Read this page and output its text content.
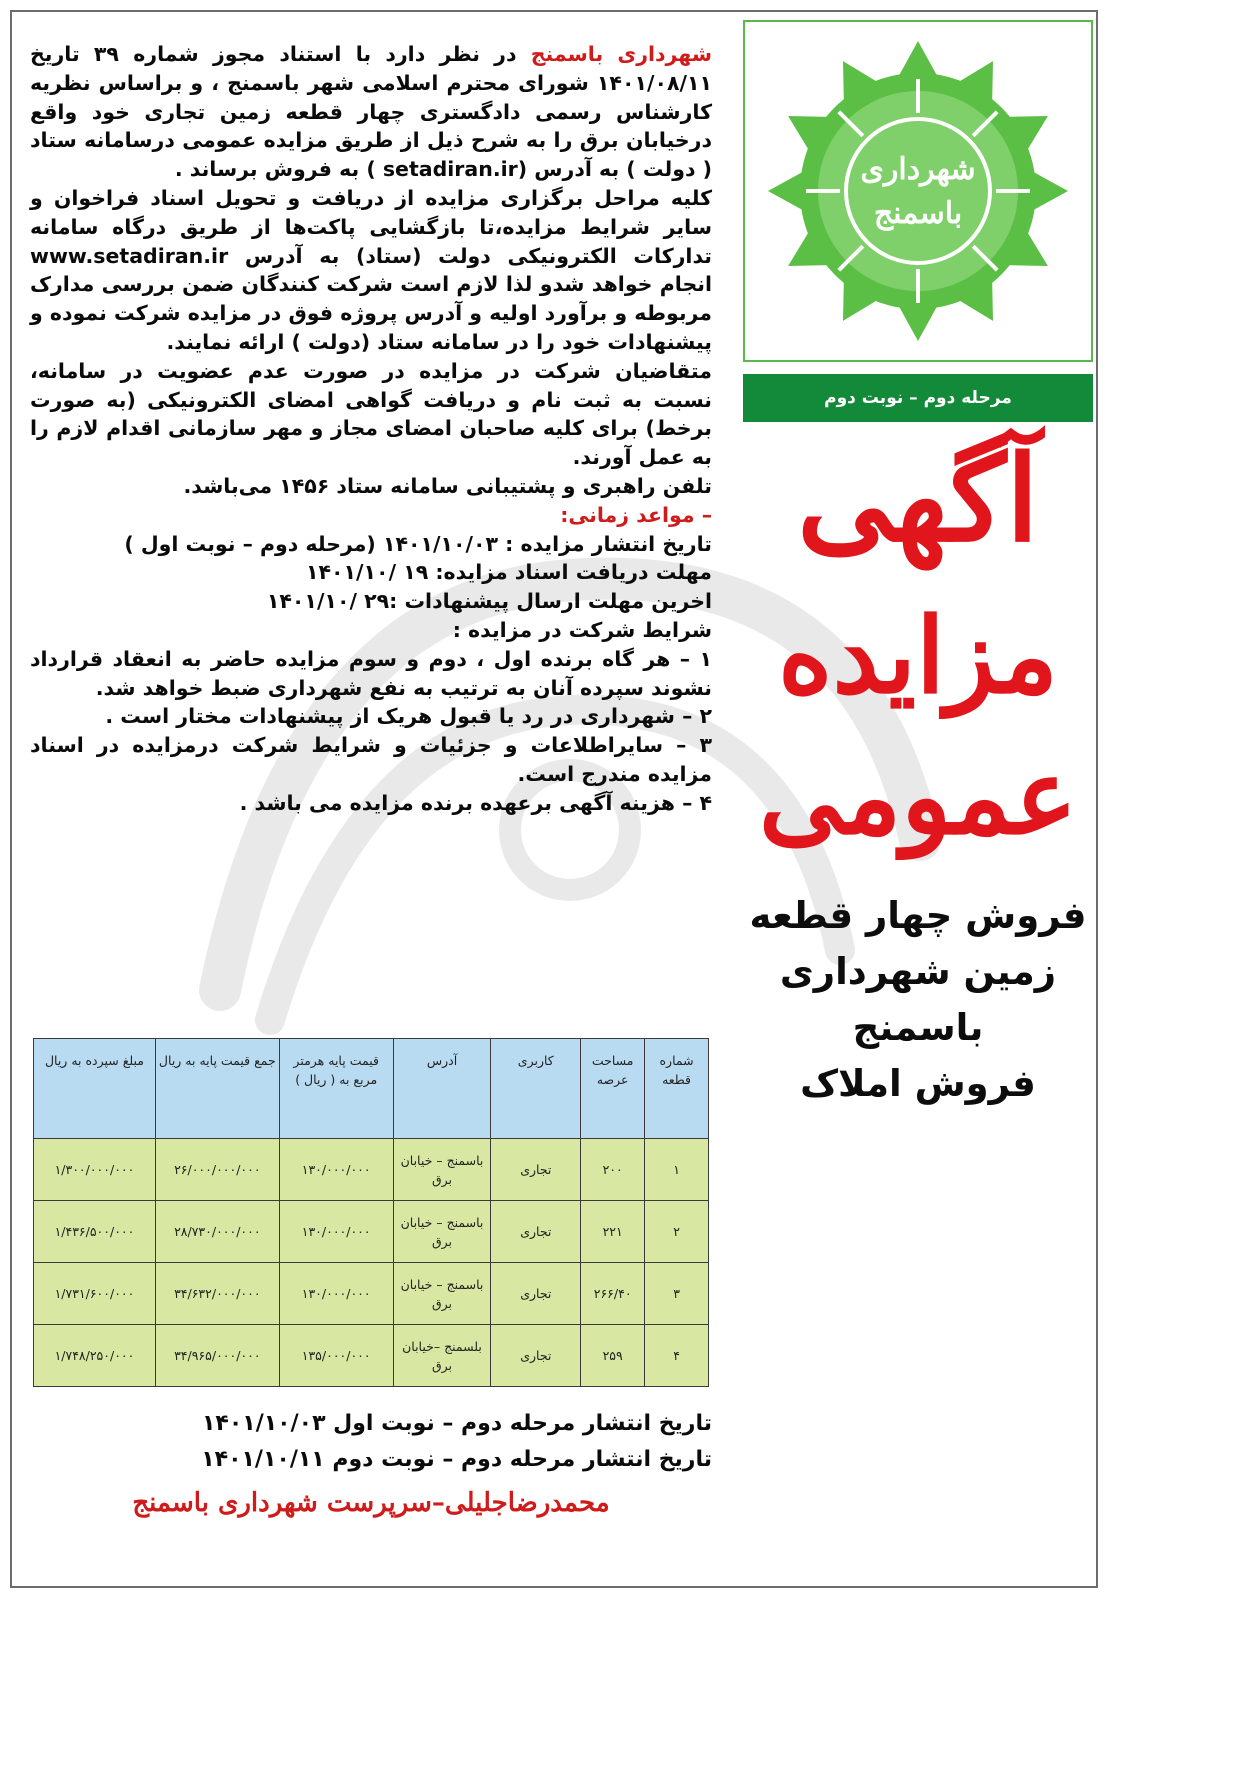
شهرداری باسمنج در نظر دارد با استناد مجوز شماره ۳۹ تاریخ ۱۴۰۱/۰۸/۱۱ شورای محترم اسلامی شهر باسمنج ، و براساس نظریه کارشناس رسمی دادگستری چهار قطعه زمین تجاری خود واقع درخیابان برق را به شرح ذیل از طریق مزایده عمومی درسامانه ستاد ( دولت ) به آدرس (setadiran.ir ) به فروش برساند .

کلیه مراحل برگزاری مزایده از دریافت و تحویل اسناد فراخوان و سایر شرایط مزایده،تا بازگشایی پاکت‌ها از طریق درگاه سامانه تدارکات الکترونیکی دولت (ستاد) به آدرس www.setadiran.ir انجام خواهد شدو لذا لازم است شرکت کنندگان ضمن بررسی مدارک مربوطه و برآورد اولیه و آدرس پروژه فوق در مزایده شرکت نموده و پیشنهادات خود را در سامانه ستاد (دولت ) ارائه نمایند.

متقاضیان شرکت در مزایده در صورت عدم عضویت در سامانه، نسبت به ثبت نام و دریافت گواهی امضای الکترونیکی (به صورت برخط) برای کلیه صاحبان امضای مجاز و مهر سازمانی اقدام لازم را به عمل آورند.

تلفن راهبری و پشتیبانی سامانه ستاد ۱۴۵۶ می‌باشد.

– مواعد زمانی:

تاریخ انتشار مزایده : ۱۴۰۱/۱۰/۰۳ (مرحله دوم – نوبت اول )

مهلت دریافت اسناد مزایده: ۱۹ /۱۴۰۱/۱۰

اخرین مهلت ارسال پیشنهادات :۲۹ /۱۴۰۱/۱۰

شرایط شرکت در مزایده :

۱ – هر گاه برنده اول ، دوم و سوم مزایده حاضر به انعقاد قرارداد نشوند سپرده آنان به ترتیب به نفع شهرداری ضبط خواهد شد.

۲ – شهرداری در رد یا قبول هریک از پیشنهادات مختار است .

۳ – سایراطلاعات و جزئیات و شرایط شرکت درمزایده در اسناد مزایده مندرج است.

۴ – هزینه آگهی برعهده برنده مزایده می باشد .

شهرداری
باسمنج
مرحله دوم – نوبت دوم
آگهی
مزایده
عمومی
فروش چهار قطعه
زمین شهرداری
باسمنج
فروش املاک
شماره قطعه	مساحت عرصه	کاربری	آدرس	قیمت پایه هرمتر مربع به ( ریال )	جمع قیمت پایه به ریال	مبلغ سپرده به ریال
۱	۲۰۰	تجاری	باسمنج – خیابان برق	۱۳۰/۰۰۰/۰۰۰	۲۶/۰۰۰/۰۰۰/۰۰۰	۱/۳۰۰/۰۰۰/۰۰۰
۲	۲۲۱	تجاری	باسمنج – خیابان برق	۱۳۰/۰۰۰/۰۰۰	۲۸/۷۳۰/۰۰۰/۰۰۰	۱/۴۳۶/۵۰۰/۰۰۰
۳	۲۶۶/۴۰	تجاری	باسمنج – خیابان برق	۱۳۰/۰۰۰/۰۰۰	۳۴/۶۳۲/۰۰۰/۰۰۰	۱/۷۳۱/۶۰۰/۰۰۰
۴	۲۵۹	تجاری	بلسمنج –خیابان برق	۱۳۵/۰۰۰/۰۰۰	۳۴/۹۶۵/۰۰۰/۰۰۰	۱/۷۴۸/۲۵۰/۰۰۰
تاریخ انتشار مرحله دوم – نوبت اول ۱۴۰۱/۱۰/۰۳
تاریخ انتشار مرحله دوم – نوبت دوم ۱۴۰۱/۱۰/۱۱
محمدرضاجلیلی–سرپرست شهرداری باسمنج
